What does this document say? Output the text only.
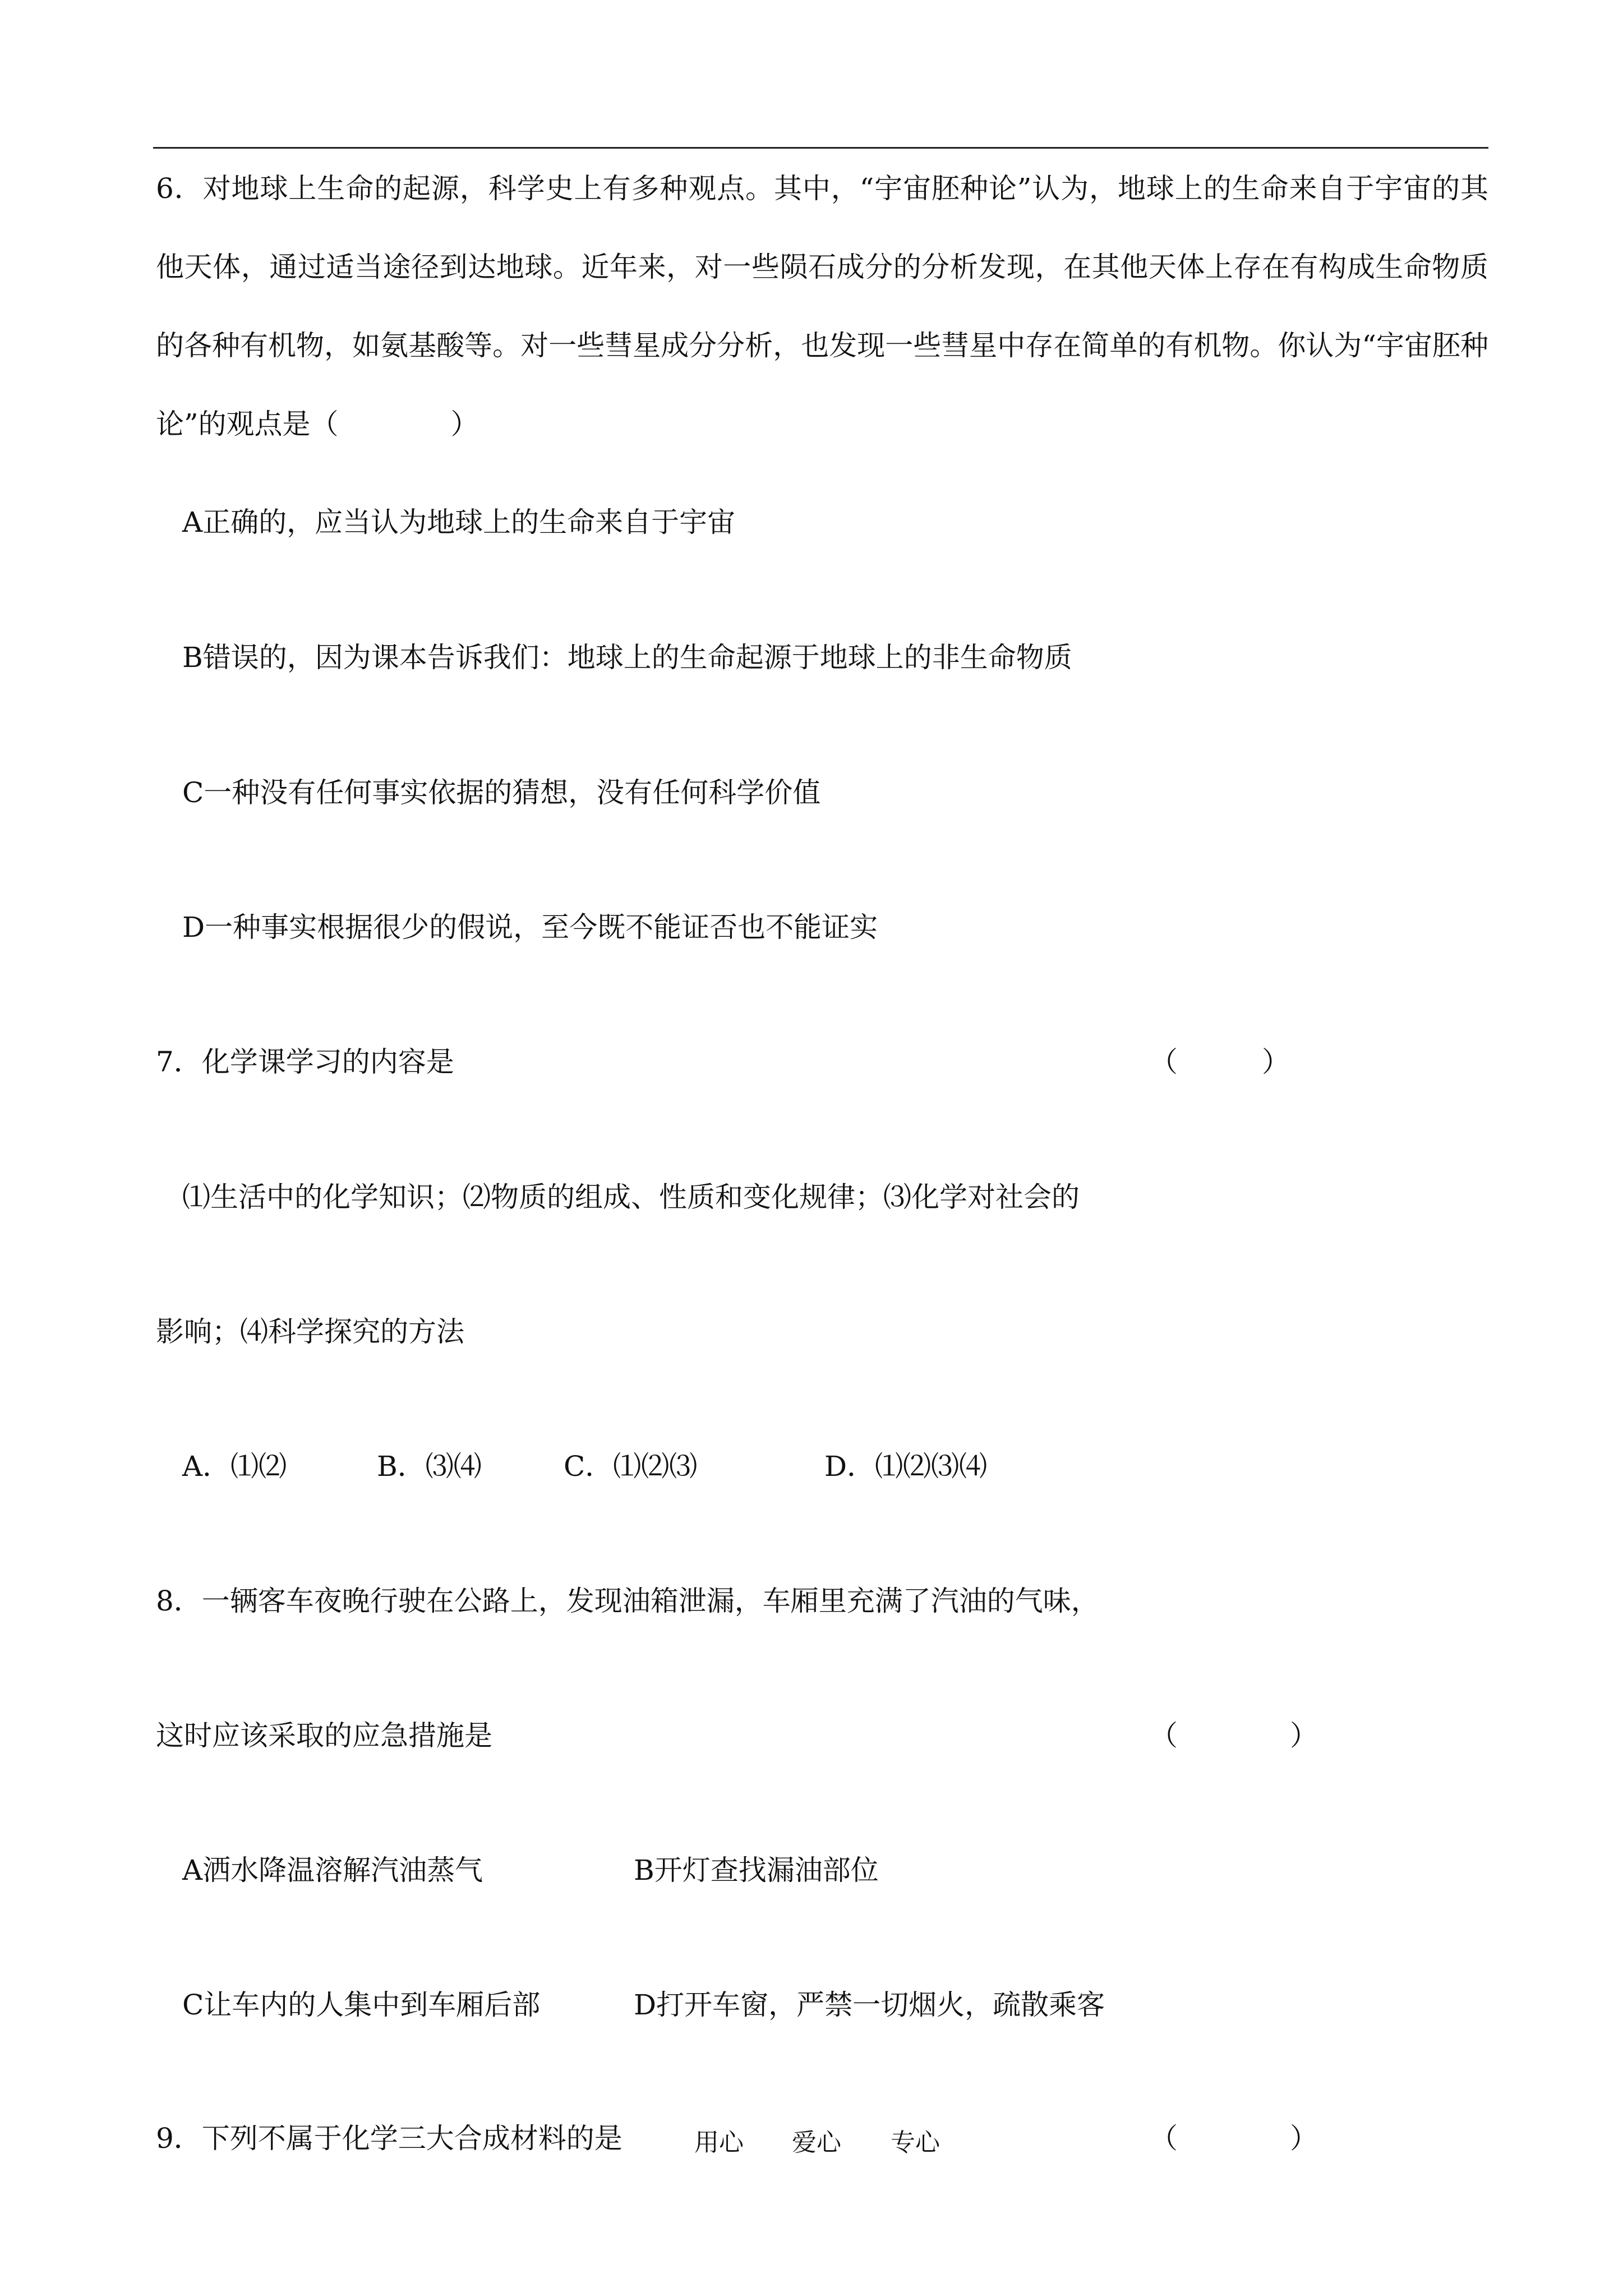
6．对地球上生命的起源，科学史上有多种观点。其中，“宇宙胚种论”认为，地球上的生命来自于宇宙的其他天体，通过适当途径到达地球。近年来，对一些陨石成分的分析发现，在其他天体上存在有构成生命物质的各种有机物，如氨基酸等。对一些彗星成分分析，也发现一些彗星中存在简单的有机物。你认为“宇宙胚种论”的观点是（　　　　）
A正确的，应当认为地球上的生命来自于宇宙
B错误的，因为课本告诉我们：地球上的生命起源于地球上的非生命物质
C一种没有任何事实依据的猜想，没有任何科学价值
D一种事实根据很少的假说，至今既不能证否也不能证实
7．化学课学习的内容是	（　　　）
⑴生活中的化学知识；⑵物质的组成、性质和变化规律；⑶化学对社会的
影响；⑷科学探究的方法
A．⑴⑵	B．⑶⑷	C．⑴⑵⑶	D．⑴⑵⑶⑷
8．一辆客车夜晚行驶在公路上，发现油箱泄漏，车厢里充满了汽油的气味，
这时应该采取的应急措施是	（　　　　）
A洒水降温溶解汽油蒸气	B开灯查找漏油部位
C让车内的人集中到车厢后部	D打开车窗，严禁一切烟火，疏散乘客
9．下列不属于化学三大合成材料的是	（　　　　）
用心 爱心 专心
